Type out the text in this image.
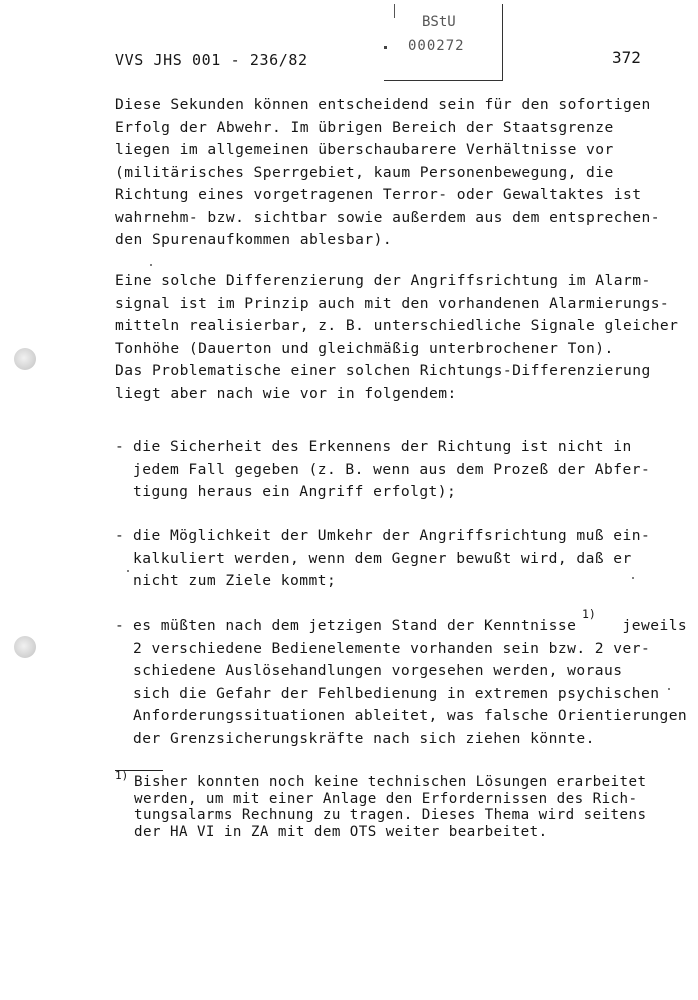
VVS JHS 001 - 236/82	372
BStU
000272
Diese Sekunden können entscheidend sein für den sofortigen
Erfolg der Abwehr. Im übrigen Bereich der Staatsgrenze
liegen im allgemeinen überschaubarere Verhältnisse vor
(militärisches Sperrgebiet, kaum Personenbewegung, die
Richtung eines vorgetragenen Terror- oder Gewaltaktes ist
wahrnehm- bzw. sichtbar sowie außerdem aus dem entsprechen-
den Spurenaufkommen ablesbar).
Eine solche Differenzierung der Angriffsrichtung im Alarm-
signal ist im Prinzip auch mit den vorhandenen Alarmierungs-
mitteln realisierbar, z. B. unterschiedliche Signale gleicher
Tonhöhe (Dauerton und gleichmäßig unterbrochener Ton).
Das Problematische einer solchen Richtungs-Differenzierung
liegt aber nach wie vor in folgendem:
- die Sicherheit des Erkennens der Richtung ist nicht in
jedem Fall gegeben (z. B. wenn aus dem Prozeß der Abfer-
tigung heraus ein Angriff erfolgt);
- die Möglichkeit der Umkehr der Angriffsrichtung muß ein-
kalkuliert werden, wenn dem Gegner bewußt wird, daß er
nicht zum Ziele kommt;
- es müßten nach dem jetzigen Stand der Kenntnisse     jeweils
2 verschiedene Bedienelemente vorhanden sein bzw. 2 ver-
schiedene Auslösehandlungen vorgesehen werden, woraus
sich die Gefahr der Fehlbedienung in extremen psychischen
Anforderungssituationen ableitet, was falsche Orientierungen
der Grenzsicherungskräfte nach sich ziehen könnte.
1)
1) Bisher konnten noch keine technischen Lösungen erarbeitet
werden, um mit einer Anlage den Erfordernissen des Rich-
tungsalarms Rechnung zu tragen. Dieses Thema wird seitens
der HA VI in ZA mit dem OTS weiter bearbeitet.
